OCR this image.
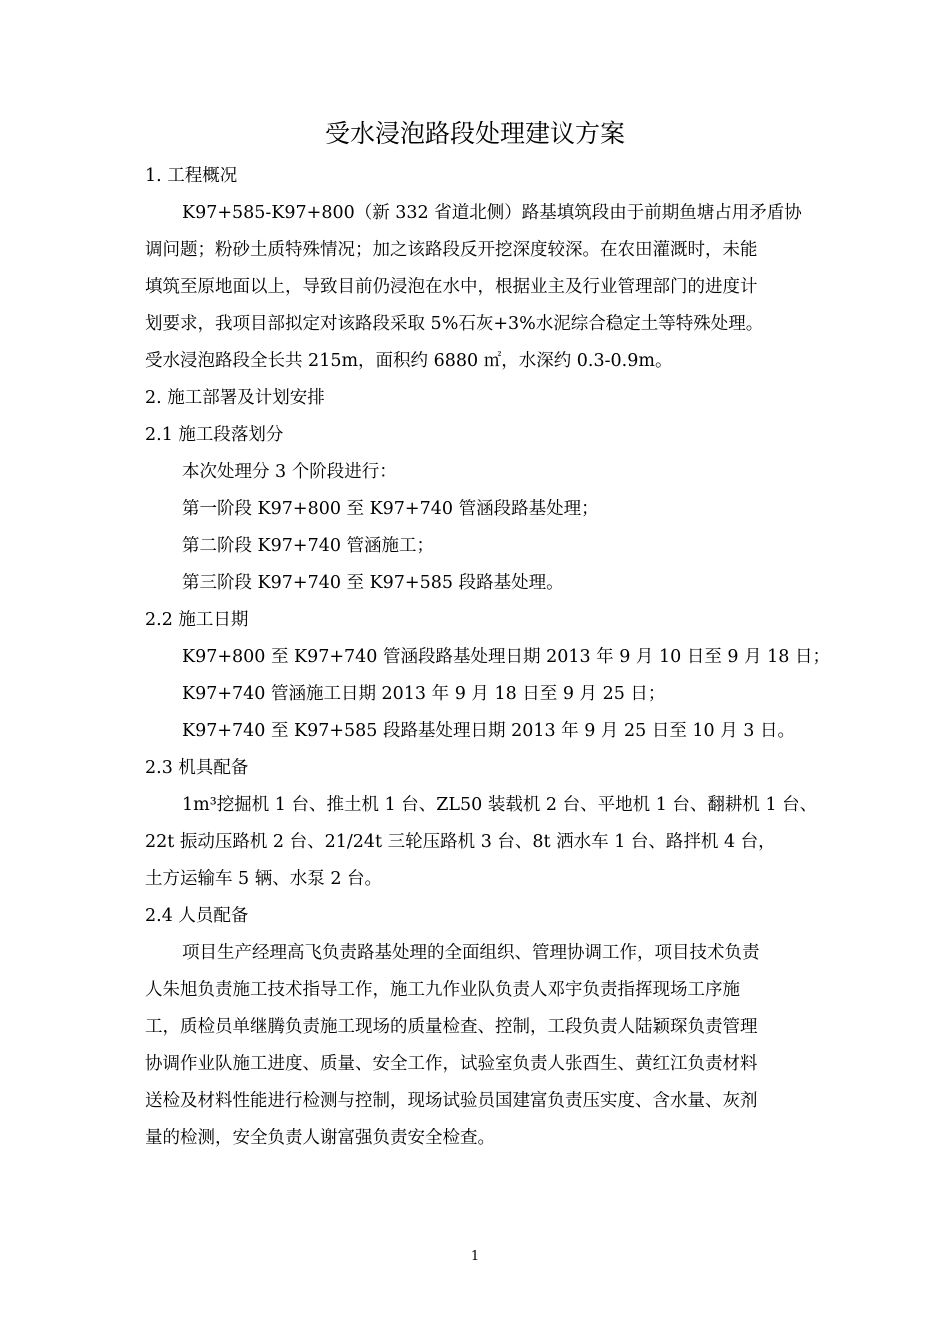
受水浸泡路段处理建议方案
1. 工程概况
K97+585-K97+800（新 332 省道北侧）路基填筑段由于前期鱼塘占用矛盾协
调问题；粉砂土质特殊情况；加之该路段反开挖深度较深。在农田灌溉时，未能
填筑至原地面以上，导致目前仍浸泡在水中，根据业主及行业管理部门的进度计
划要求，我项目部拟定对该路段采取 5%石灰+3%水泥综合稳定土等特殊处理。
受水浸泡路段全长共 215m，面积约 6880 ㎡，水深约 0.3-0.9m。
2. 施工部署及计划安排
2.1 施工段落划分
本次处理分 3 个阶段进行：
第一阶段 K97+800 至 K97+740 管涵段路基处理；
第二阶段 K97+740 管涵施工；
第三阶段 K97+740 至 K97+585 段路基处理。
2.2 施工日期
K97+800 至 K97+740 管涵段路基处理日期 2013 年 9 月 10 日至 9 月 18 日；
K97+740 管涵施工日期 2013 年 9 月 18 日至 9 月 25 日；
K97+740 至 K97+585 段路基处理日期 2013 年 9 月 25 日至 10 月 3 日。
2.3 机具配备
1m³挖掘机 1 台、推土机 1 台、ZL50 装载机 2 台、平地机 1 台、翻耕机 1 台、
22t 振动压路机 2 台、21/24t 三轮压路机 3 台、8t 洒水车 1 台、路拌机 4 台，
土方运输车 5 辆、水泵 2 台。
2.4 人员配备
项目生产经理高飞负责路基处理的全面组织、管理协调工作，项目技术负责
人朱旭负责施工技术指导工作，施工九作业队负责人邓宇负责指挥现场工序施
工，质检员单继腾负责施工现场的质量检查、控制，工段负责人陆颖琛负责管理
协调作业队施工进度、质量、安全工作，试验室负责人张酉生、黄红江负责材料
送检及材料性能进行检测与控制，现场试验员国建富负责压实度、含水量、灰剂
量的检测，安全负责人谢富强负责安全检查。
1
